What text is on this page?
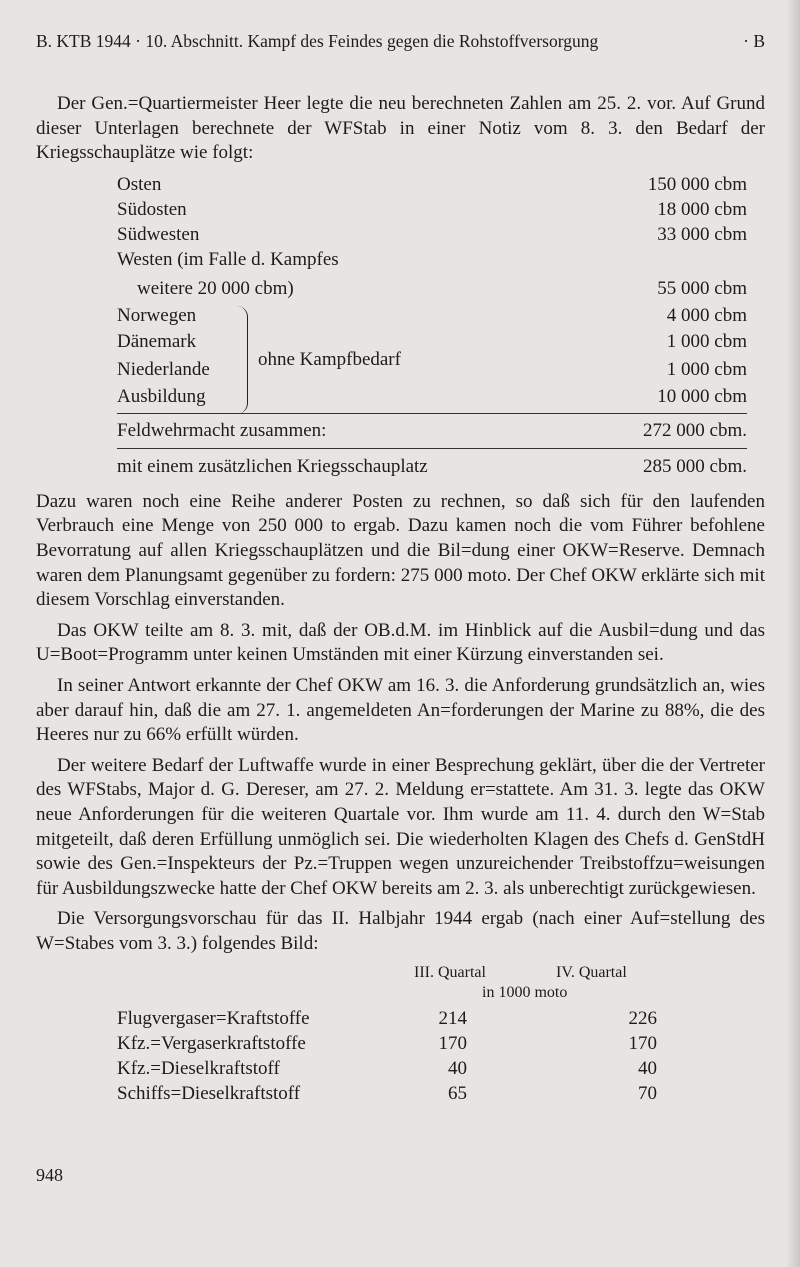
B. KTB 1944 · 10. Abschnitt. Kampf des Feindes gegen die Rohstoffversorgung	· B

Der Gen.=Quartiermeister Heer legte die neu berechneten Zahlen am 25. 2. vor. Auf Grund dieser Unterlagen berechnete der WFStab in einer Notiz vom 8. 3. den Bedarf der Kriegsschauplätze wie folgt:

Osten	150 000 cbm
Südosten	18 000 cbm
Südwesten	33 000 cbm
Westen (im Falle d. Kampfes
weitere 20 000 cbm)	55 000 cbm
Norwegen	4 000 cbm
Dänemark	1 000 cbm
Niederlande	1 000 cbm
Ausbildung	10 000 cbm
ohne Kampfbedarf
Feldwehrmacht zusammen:	272 000 cbm.
mit einem zusätzlichen Kriegsschauplatz	285 000 cbm.

Dazu waren noch eine Reihe anderer Posten zu rechnen, so daß sich für den laufenden Verbrauch eine Menge von 250 000 to ergab. Dazu kamen noch die vom Führer befohlene Bevorratung auf allen Kriegsschauplätzen und die Bil=dung einer OKW=Reserve. Demnach waren dem Planungsamt gegenüber zu fordern: 275 000 moto. Der Chef OKW erklärte sich mit diesem Vorschlag einverstanden.

Das OKW teilte am 8. 3. mit, daß der OB.d.M. im Hinblick auf die Ausbil=dung und das U=Boot=Programm unter keinen Umständen mit einer Kürzung einverstanden sei.

In seiner Antwort erkannte der Chef OKW am 16. 3. die Anforderung grundsätzlich an, wies aber darauf hin, daß die am 27. 1. angemeldeten An=forderungen der Marine zu 88%, die des Heeres nur zu 66% erfüllt würden.

Der weitere Bedarf der Luftwaffe wurde in einer Besprechung geklärt, über die der Vertreter des WFStabs, Major d. G. Dereser, am 27. 2. Meldung er=stattete. Am 31. 3. legte das OKW neue Anforderungen für die weiteren Quartale vor. Ihm wurde am 11. 4. durch den W=Stab mitgeteilt, daß deren Erfüllung unmöglich sei. Die wiederholten Klagen des Chefs d. GenStdH sowie des Gen.=Inspekteurs der Pz.=Truppen wegen unzureichender Treibstoffzu=weisungen für Ausbildungszwecke hatte der Chef OKW bereits am 2. 3. als unberechtigt zurückgewiesen.

Die Versorgungsvorschau für das II. Halbjahr 1944 ergab (nach einer Auf=stellung des W=Stabes vom 3. 3.) folgendes Bild:

III. Quartal	IV. Quartal
in 1000 moto
Flugvergaser=Kraftstoffe	214	226
Kfz.=Vergaserkraftstoffe	170	170
Kfz.=Dieselkraftstoff	40	40
Schiffs=Dieselkraftstoff	65	70
948
